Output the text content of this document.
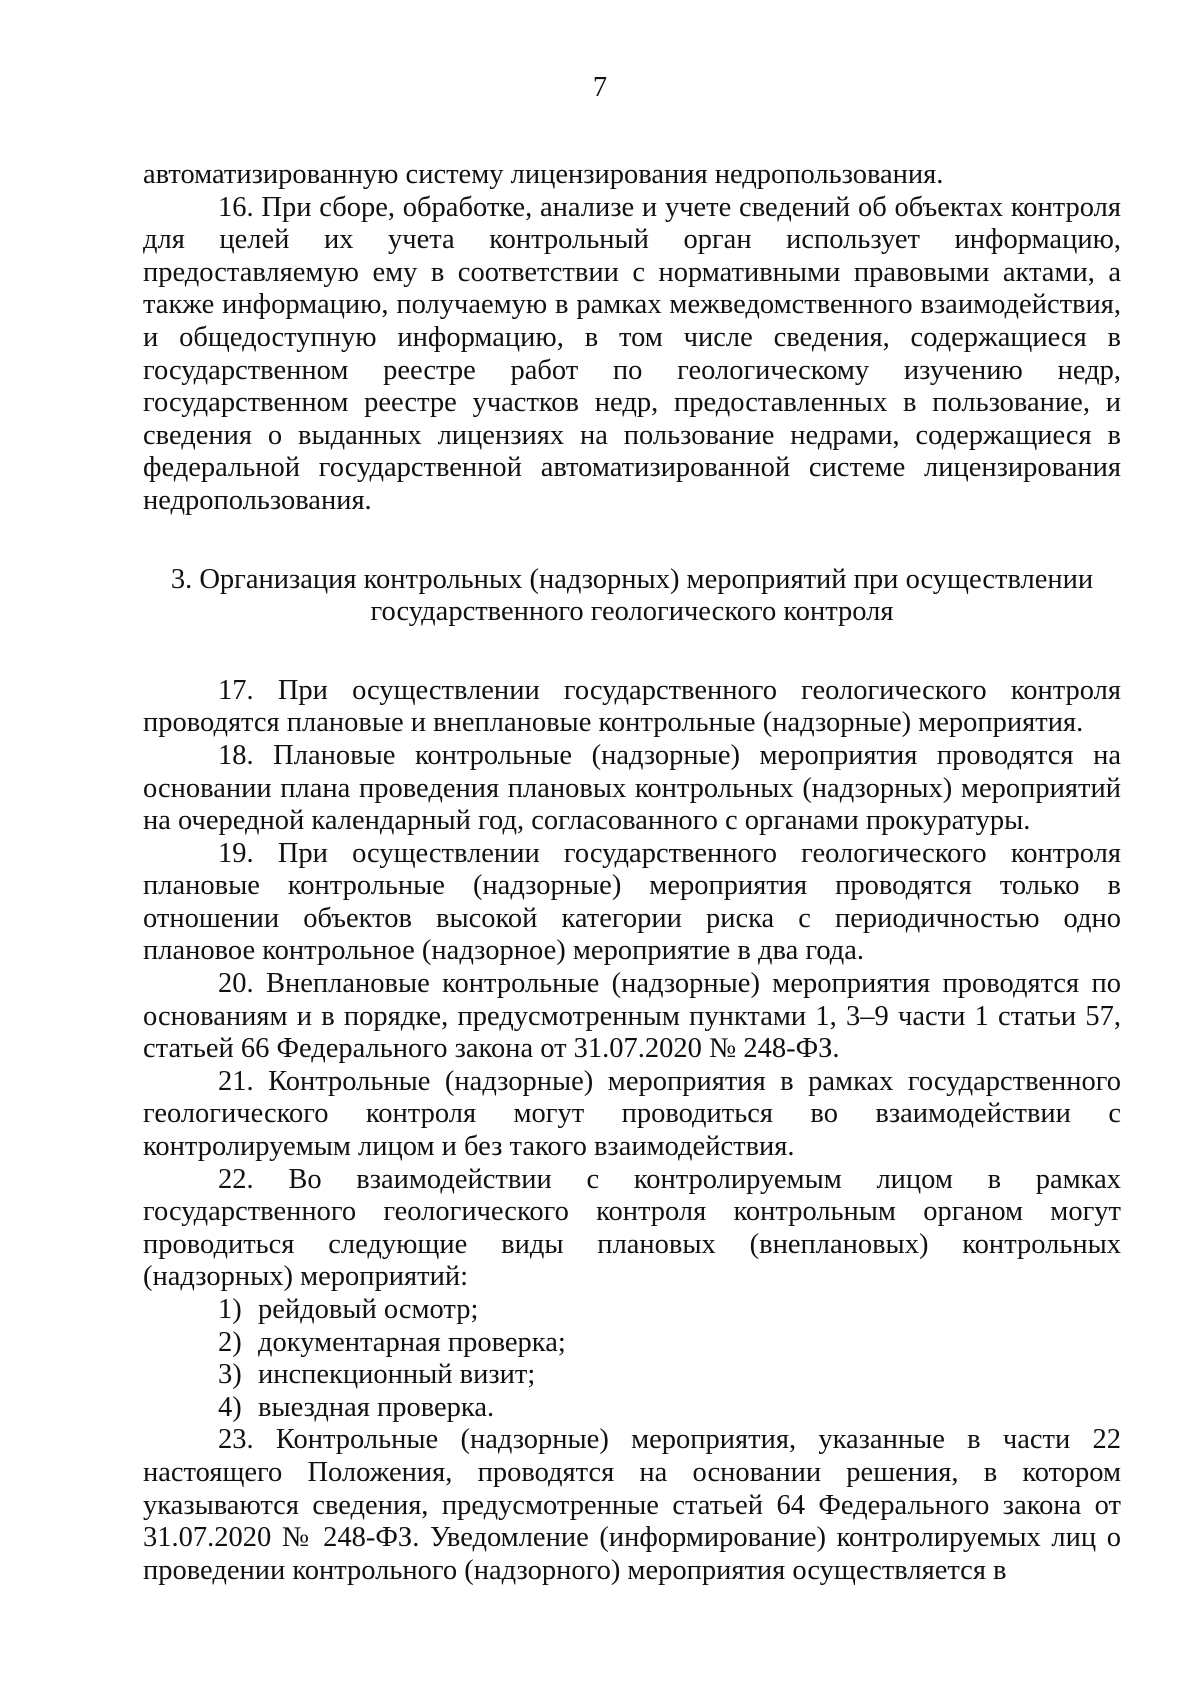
7

автоматизированную систему лицензирования недропользования.

16. При сборе, обработке, анализе и учете сведений об объектах контроля для целей их учета контрольный орган использует информацию, предоставляемую ему в соответствии с нормативными правовыми актами, а также информацию, получаемую в рамках межведомственного взаимодействия, и общедоступную информацию, в том числе сведения, содержащиеся в государственном реестре работ по геологическому изучению недр, государственном реестре участков недр, предоставленных в пользование, и сведения о выданных лицензиях на пользование недрами, содержащиеся в федеральной государственной автоматизированной системе лицензирования недропользования.

3. Организация контрольных (надзорных) мероприятий при осуществлении
государственного геологического контроля

17. При осуществлении государственного геологического контроля проводятся плановые и внеплановые контрольные (надзорные) мероприятия.

18. Плановые контрольные (надзорные) мероприятия проводятся на основании плана проведения плановых контрольных (надзорных) мероприятий на очередной календарный год, согласованного с органами прокуратуры.

19. При осуществлении государственного геологического контроля плановые контрольные (надзорные) мероприятия проводятся только в отношении объектов высокой категории риска с периодичностью одно плановое контрольное (надзорное) мероприятие в два года.

20. Внеплановые контрольные (надзорные) мероприятия проводятся по основаниям и в порядке, предусмотренным пунктами 1, 3–9 части 1 статьи 57, статьей 66 Федерального закона от 31.07.2020 № 248-ФЗ.

21. Контрольные (надзорные) мероприятия в рамках государственного геологического контроля могут проводиться во взаимодействии с контролируемым лицом и без такого взаимодействия.

22. Во взаимодействии с контролируемым лицом в рамках государственного геологического контроля контрольным органом могут проводиться следующие виды плановых (внеплановых) контрольных (надзорных) мероприятий:

1) рейдовый осмотр;
2) документарная проверка;
3) инспекционный визит;
4) выездная проверка.

23. Контрольные (надзорные) мероприятия, указанные в части 22 настоящего Положения, проводятся на основании решения, в котором указываются сведения, предусмотренные статьей 64 Федерального закона от 31.07.2020 № 248-ФЗ. Уведомление (информирование) контролируемых лиц о проведении контрольного (надзорного) мероприятия осуществляется в
